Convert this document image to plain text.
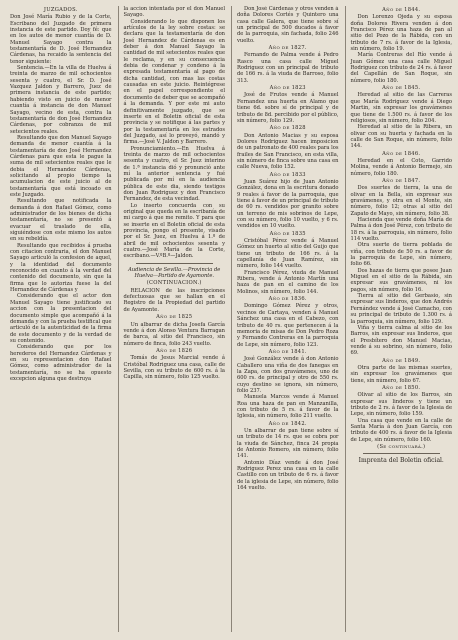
JUZGADOS.

Don José María Rubio y de la Corte, Escribano del Juzgado de primera instancia de este partido. Doy fé: que en los autos de menor cuantía de D. Manuel Sayago contra la testamentaría de D. José Hernandez Cárdenas, ha recaido la sentencia del tenor siguiente:

Sentencia.—En la villa de Huelva á treinta de marzo de mil ochocientos sesenta y cuatro, el Sr. D. José Vazquez Jaldon y Barrero, Juez de primera instancia de este partido; habiendo visto en juicio de menor cuantía á instancia de don Manuel Sayago, vecino de esta, contra la testamentaría de don José Hernandez Cárdenas, por cobranza de mil setecientos reales.

Resultando que don Manuel Sayago demanda de menor cuantía á la testamentaría de don José Hernandez Cárdenas para que esta le pague la suma de mil setecientos reales que le debia el Hernandez Cárdenas, solicitando al propio tiempo la acumulacion de este juicio al de testamentaría que está incoado en este Juzgado.

Resultando que notificada la demanda á don Rafael Gómez, como administrador de los bienes de dicha testamentaría, no se presentó á evacuar el traslado de ella, siguiéndose con este mismo los autos en su rebeldía.

Resultando que recibidos á prueba con citacion contraria, el don Manuel Sayago articuló la confesion de aquel, y la identidad del documento reconocido en cuanto á la verdad del contenido del documento, sin que la firma que lo autoriza fuese la del Hernandez de Cárdenas y

Considerando que el actor don Manuel Sayago tiene justificado su accion con la presentacion del documento simple que acompañó á la demanda y con la prueba testifical que articuló de la autenticidad de la firma de este documento y de la verdad de su contenido.

Considerando que por los herederos del Hernandez Cárdenas y en su representacion don Rafael Gómez, como administrador de la testamentaría, no se ha opuesto excepcion alguna que destruya

la accion intentada por el don Manuel Sayago.

Considerando lo que disponen los artículos de la ley sobre costas: se declara que la testamentaría de don José Hernandez de Cárdenas es en deber á don Manuel Sayago la cantidad de mil setecientos reales que le reclama, y en su consecuencia debia de condenar y condeno á la expresada testamentaría al pago de dicha cantidad, con mas las costas causadas en este juicio. Reintégrese en el papel correspondiente el documento de deber que se acompañó á la demanda. Y por este mi auto definitivamente juzgado, que se inserte en el Boletin oficial de esta provincia y se notifique á las partes y por la testamentaría en los estrados del Juzgado, así lo proveyó, mandó y firma.—José V. Jaldon y Barrero.

Pronunciamiento.—En Huelva á treinta de marzo de mil ochocientos sesenta y cuatro, el Sr. Juez interino de 1.ª instancia dió y pronunció ante mí la anterior sentencia y fué publicada por mí en la audiencia pública de este dia, siendo testigos don Juan Rodriguez y don Francisco Fernandez, de esta vecindad.

Lo inserto concuerda con su original que queda en la escribanía de mi cargo á que me remito. Y para que se inserte en el Boletin oficial de esta provincia, pongo el presente, visado por el Sr. Juez, en Huelva á 1.º de abril de mil ochocientos sesenta y cuatro.—José María de la Corte, escribano.—V.ºB.º—Jaldon.

Audiencia de Sevilla.—Provincia de Huelva—Partido de Ayamonte.
(CONTINUACION.)

RELACION de las inscripciones defectuosas que se hallan en el Registro de la Propiedad del partido de Ayamonte.

Año de 1825

Un albarrar de dicha Josefa García vende á don Alonso Ventura Barragan de barca, al sitio del Francisco, sin número de finca, folio 243 vuelto.

Año de 1826

Tomás de Jesus Marcial vende á Cristóbal Rodriguez una casa, calle de Sevilla, con su tributo de 600 rs. á la Capilla, sin número, folio 125 vuelto.

Don José Cárdenas y otros venden á doña Dolores Cortés y Quintero una casa calle Galera, que tiene sobre sí un principal de 500 ducados á favor de la parroquia, sin fachada, folio 246 vuelto.

Año de 1827.

Fernando de Palma vende á Pedro Rasco una casa calle Miguel Rodriguez con un principal de tributo de 166 rs. á la viuda de Barroso, folio 313.

Año de 1823

José de Frutos vende á Manuel Fernandez una huerta en Alamo que tiene 6d. sobre sí de principal y de tributo de 8d. percibido por el público, sin número, folio 129.

Año de 1828

Don Antonio Macias y su esposa Dolores Rodriguez hacen imposicion de un patronato de 400 reales para los frailes de San Francisco, en esta villa, sin número de finca sobre una casa en calle Nueva, folio 152.

Año de 1833

Juan Suárez hijo de Juan Antonio González, dona en la escritura donado 9 reales á favor de la parroquia, que tiene á favor de un principal de tributo de 60 rs. vendidos por granito sobre un terreno de mis sobrinos de Lepe, con su número, folio 10 vuelto, y 6 rs. vendidos en 10 vuelto.

Año de 1835

Cristóbal Pérez vende á Manuel Gómez un huerto al sitio del Guijo que tiene un tributo de 166 rs. á la capellanía de Juan Ramírez, sin número, folio 144 vuelto.

Francisco Pérez, viuda de Manuel Ribera, vende á Antonio Martín una haza de pan en el camino de los Molinos, sin número, folio 144.

Año de 1836.

Domingo Gómez Pérez y otros, vecinos de Cartaya, venden á Manuel Sánchez una casa en el Cabezo, con tributo de 40 rs. que pertenecen á la memoria de misas de Don Pedro Roza y Fernando Contreras en la parroquia de Lepe, sin número, folio 123.

Año de 1841.

José González vende á don Antonio Caballero una viña de dos fanegas en la Zapa, con dos gravámenes, uno de 600 rs. de principal y otro de 550 rs. cuyo destino se ignora, sin número, folio 237.

Manuela Marcos vende á Manuel Roa una haza de pan en Manzanilla, con tributo de 5 rs. á favor de la Iglesia, sin número, folio 211 vuelto.

Año de 1842.

Un albarrar de pan tiene sobre sí un tributo de 14 rs. que se cobra por la viuda de Sánchez, finca 24 propia de Antonio Romero, sin número, folio 141.

Antonio Díaz vende á don José Rodriguez Perez una casa en la calle Castillo con un tributo de 6 rs. á favor de la iglesia de Lepe, sin número, folio 164 vuelto.

Año de 1844.

Don Lorenzo Ojeda y su esposa doña Dolores Rivera venden á don Francisco Pérez una haza de pan al sitio del Pozo de la Rábida, con un tributo de 7 rs. á favor de la Iglesia, sin número, folio 19.

María Contreras del Río vende á Juan Gómez una casa calle Miguel Rodriguez con tributo de 24 rs. á favor del Capellán de San Roque, sin número, folio 180.

Año de 1845.

Heredad al sitio de las Carreras que María Rodriguez vende á Diego Martin, sin expresar los gravámenes que tiene de 1.500 rs. á favor de los religiosos, sin número, folio 204.

Heredad al sitio de la Ribera, un olivar con su huerta y fachada en la calle de San Roque, sin número, folio 144.

Año de 1846.

Heredad en el Coto, Garrido Molina, vende á Antonio Bermejo, sin número, folio 180.

Año de 1847.

Dos suertes de tierra, la una de olivar en la Bella, sin expresar sus gravámenes, y otra en el Monte, sin número, folio 12; otras al sitio del Zapato de Mayo, sin número, folio 38.

Hacienda que vende doña María de Palma á don José Pérez, con tributo de 18 rs. á la parroquia, sin número, folio 114 vuelto.

Otra suerte de tierra poblada de viña, con tributo de 50 rs. a favor de la parroquia de Lepe, sin número, folio 66.

Dos hazas de tierra que posee Juan Miguel en el sitio de la Rábida, sin expresar sus gravámenes, ni los pagos, sin número, folio 16.

Tierra al sitio del Gerbasio, sin expresar sus linderos, que don Andrés Fernández vende á José Camacho, con su principal de tributo de 1.300 rs. á la parroquia, sin número, folio 129.

Viña y tierra calma al sitio de los Barros, sin expresar sus linderos, que el Presbítero don Manuel Macias, vende á su sobrino, sin número, folio 69.

Año de 1849.

Otra parte de las mismas suertes, sin expresar los gravámenes que tiene, sin número, folio 67.

Año de 1850.

Olivar al sitio de los Barros, sin expresar sus linderos y tiene un tributo de 2 rs. á favor de la Iglesia de Lepe, sin número, folio 159.

Una casa que vende en la calle de Santa María á don Juan García, con tributo de 400 rs. á favor de la Iglesia de Lepe, sin número, folio 160.

(Se continuará.)
Imprenta del Boletin oficial.
